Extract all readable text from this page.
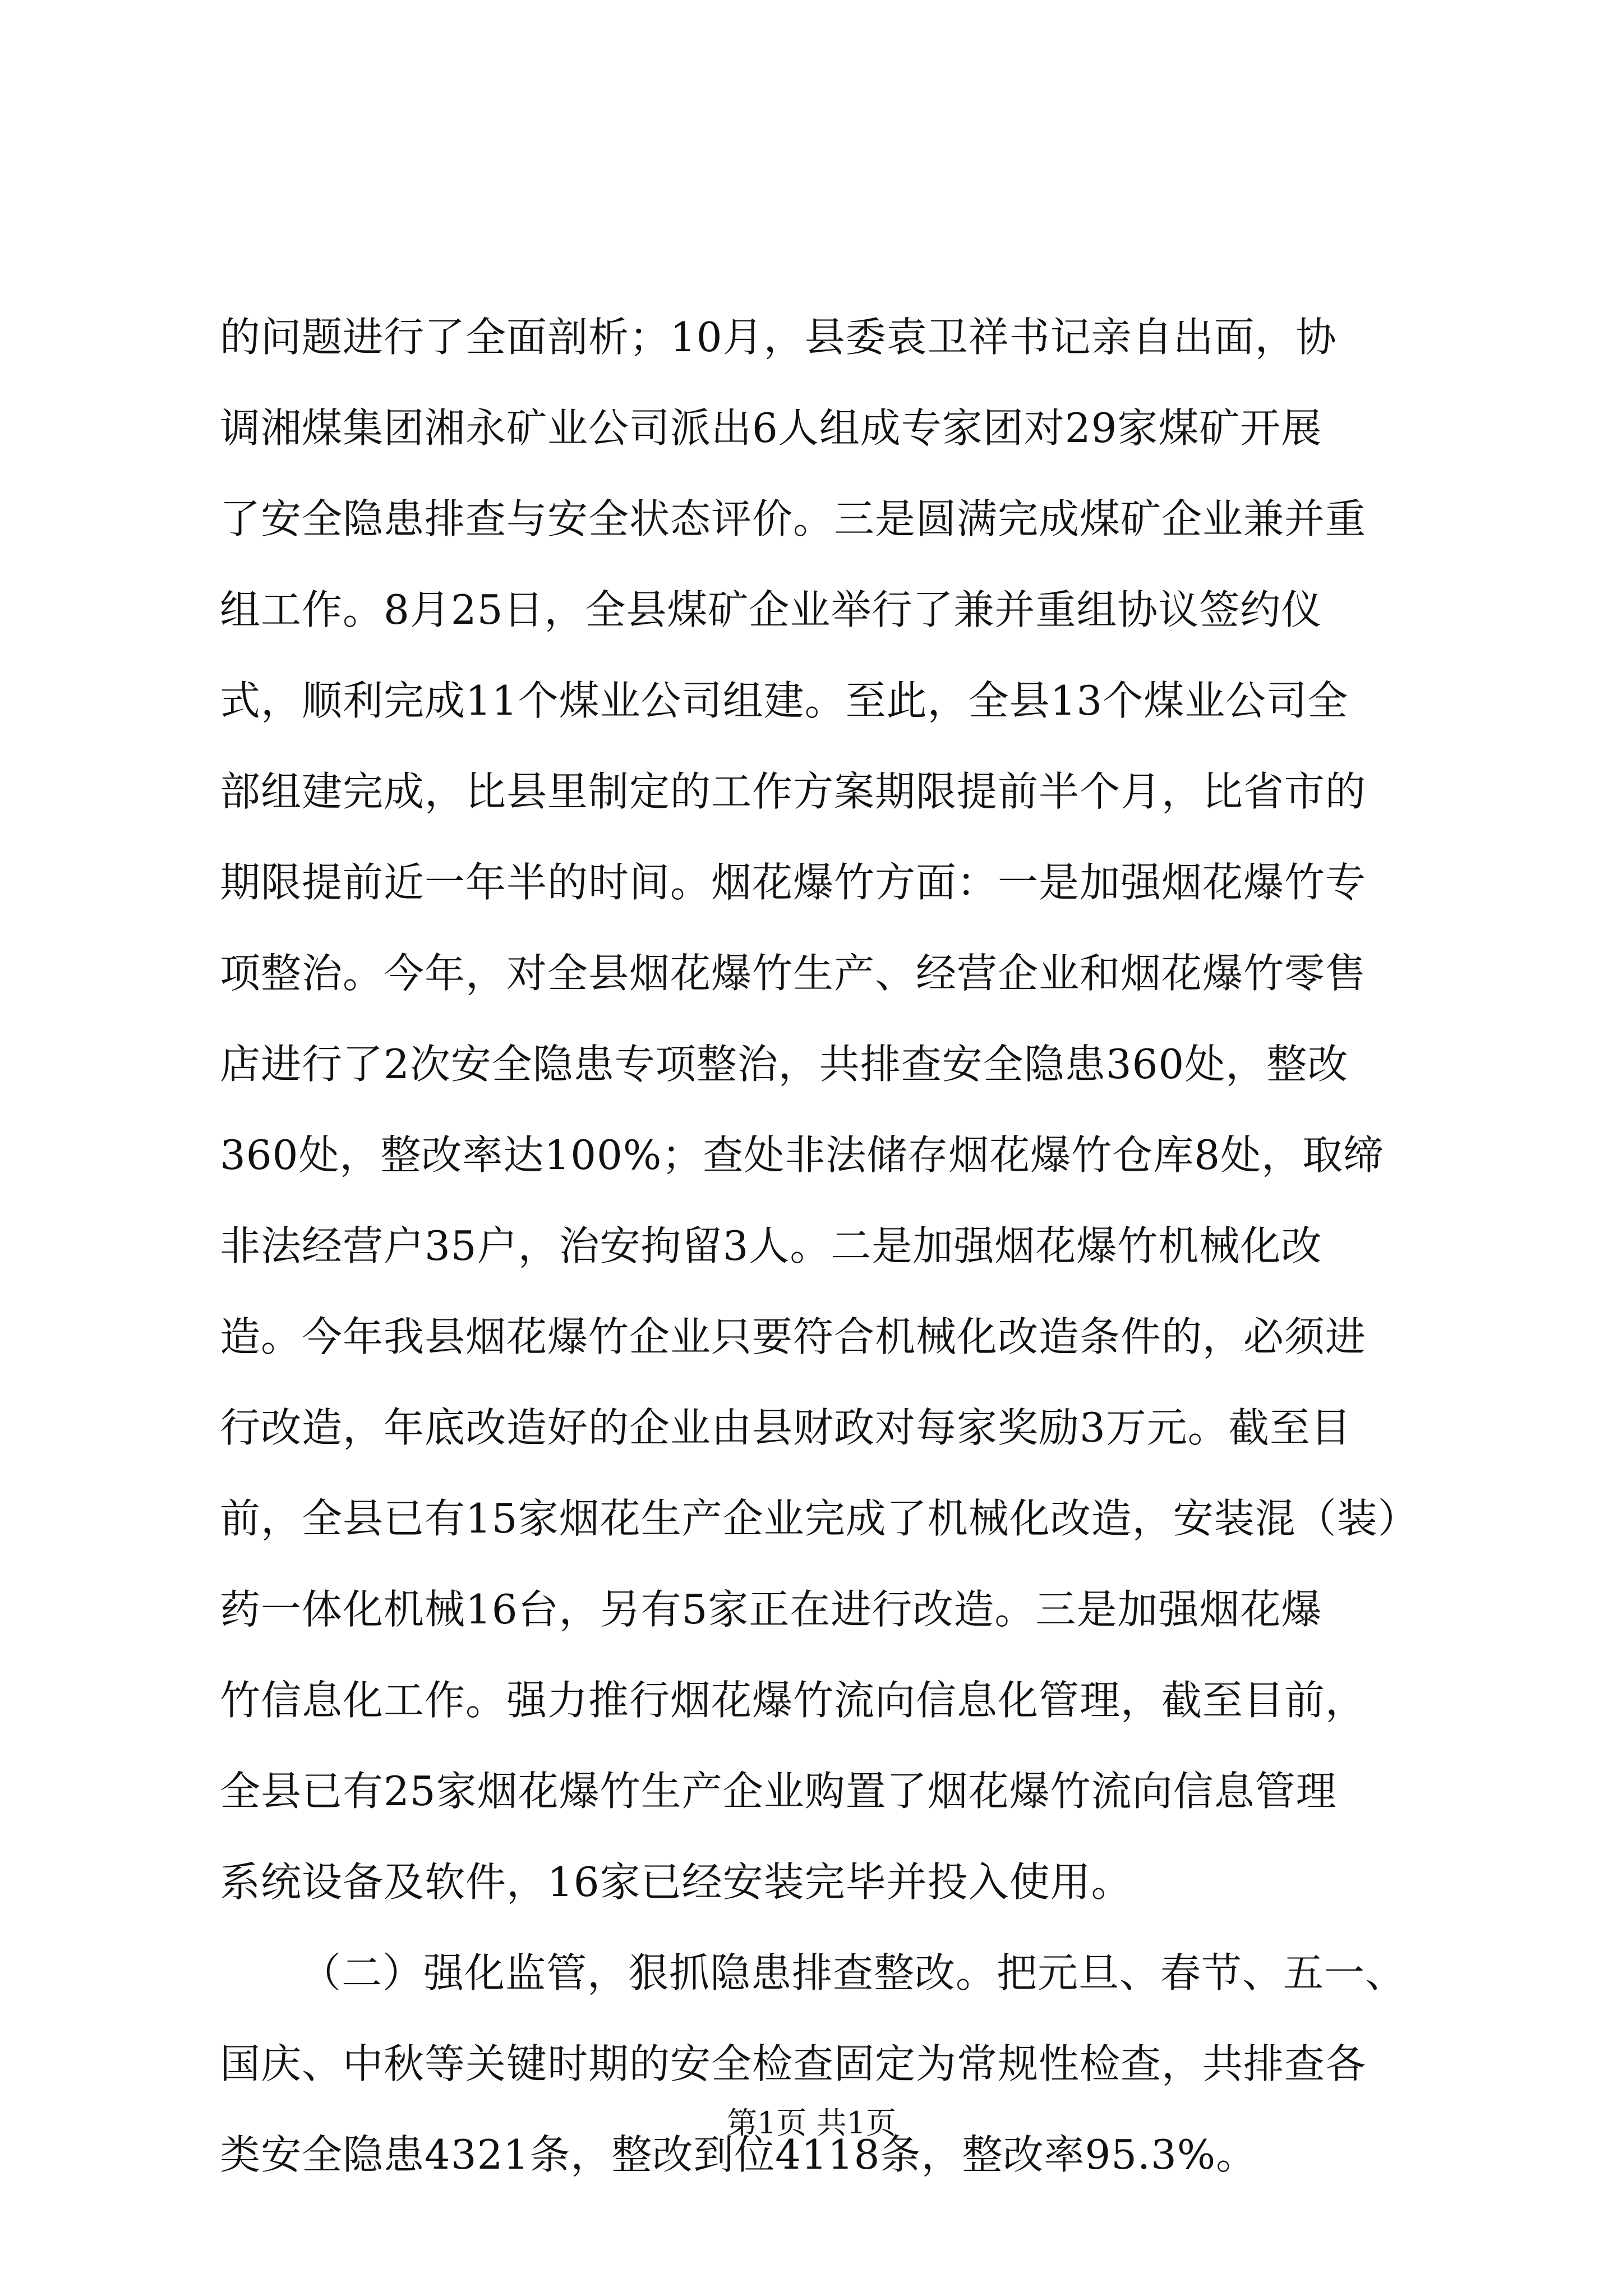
的问题进行了全面剖析；10月，县委袁卫祥书记亲自出面，协
调湘煤集团湘永矿业公司派出6人组成专家团对29家煤矿开展
了安全隐患排查与安全状态评价。三是圆满完成煤矿企业兼并重
组工作。8月25日，全县煤矿企业举行了兼并重组协议签约仪
式，顺利完成11个煤业公司组建。至此，全县13个煤业公司全
部组建完成，比县里制定的工作方案期限提前半个月，比省市的
期限提前近一年半的时间。烟花爆竹方面：一是加强烟花爆竹专
项整治。今年，对全县烟花爆竹生产、经营企业和烟花爆竹零售
店进行了2次安全隐患专项整治，共排查安全隐患360处，整改
360处，整改率达100%；查处非法储存烟花爆竹仓库8处，取缔
非法经营户35户，治安拘留3人。二是加强烟花爆竹机械化改
造。今年我县烟花爆竹企业只要符合机械化改造条件的，必须进
行改造，年底改造好的企业由县财政对每家奖励3万元。截至目
前，全县已有15家烟花生产企业完成了机械化改造，安装混（装）
药一体化机械16台，另有5家正在进行改造。三是加强烟花爆
竹信息化工作。强力推行烟花爆竹流向信息化管理，截至目前，
全县已有25家烟花爆竹生产企业购置了烟花爆竹流向信息管理
系统设备及软件，16家已经安装完毕并投入使用。
（二）强化监管，狠抓隐患排查整改。把元旦、春节、五一、
国庆、中秋等关键时期的安全检查固定为常规性检查，共排查各
类安全隐患4321条，整改到位4118条，整改率95.3%。
第1页 共1页
